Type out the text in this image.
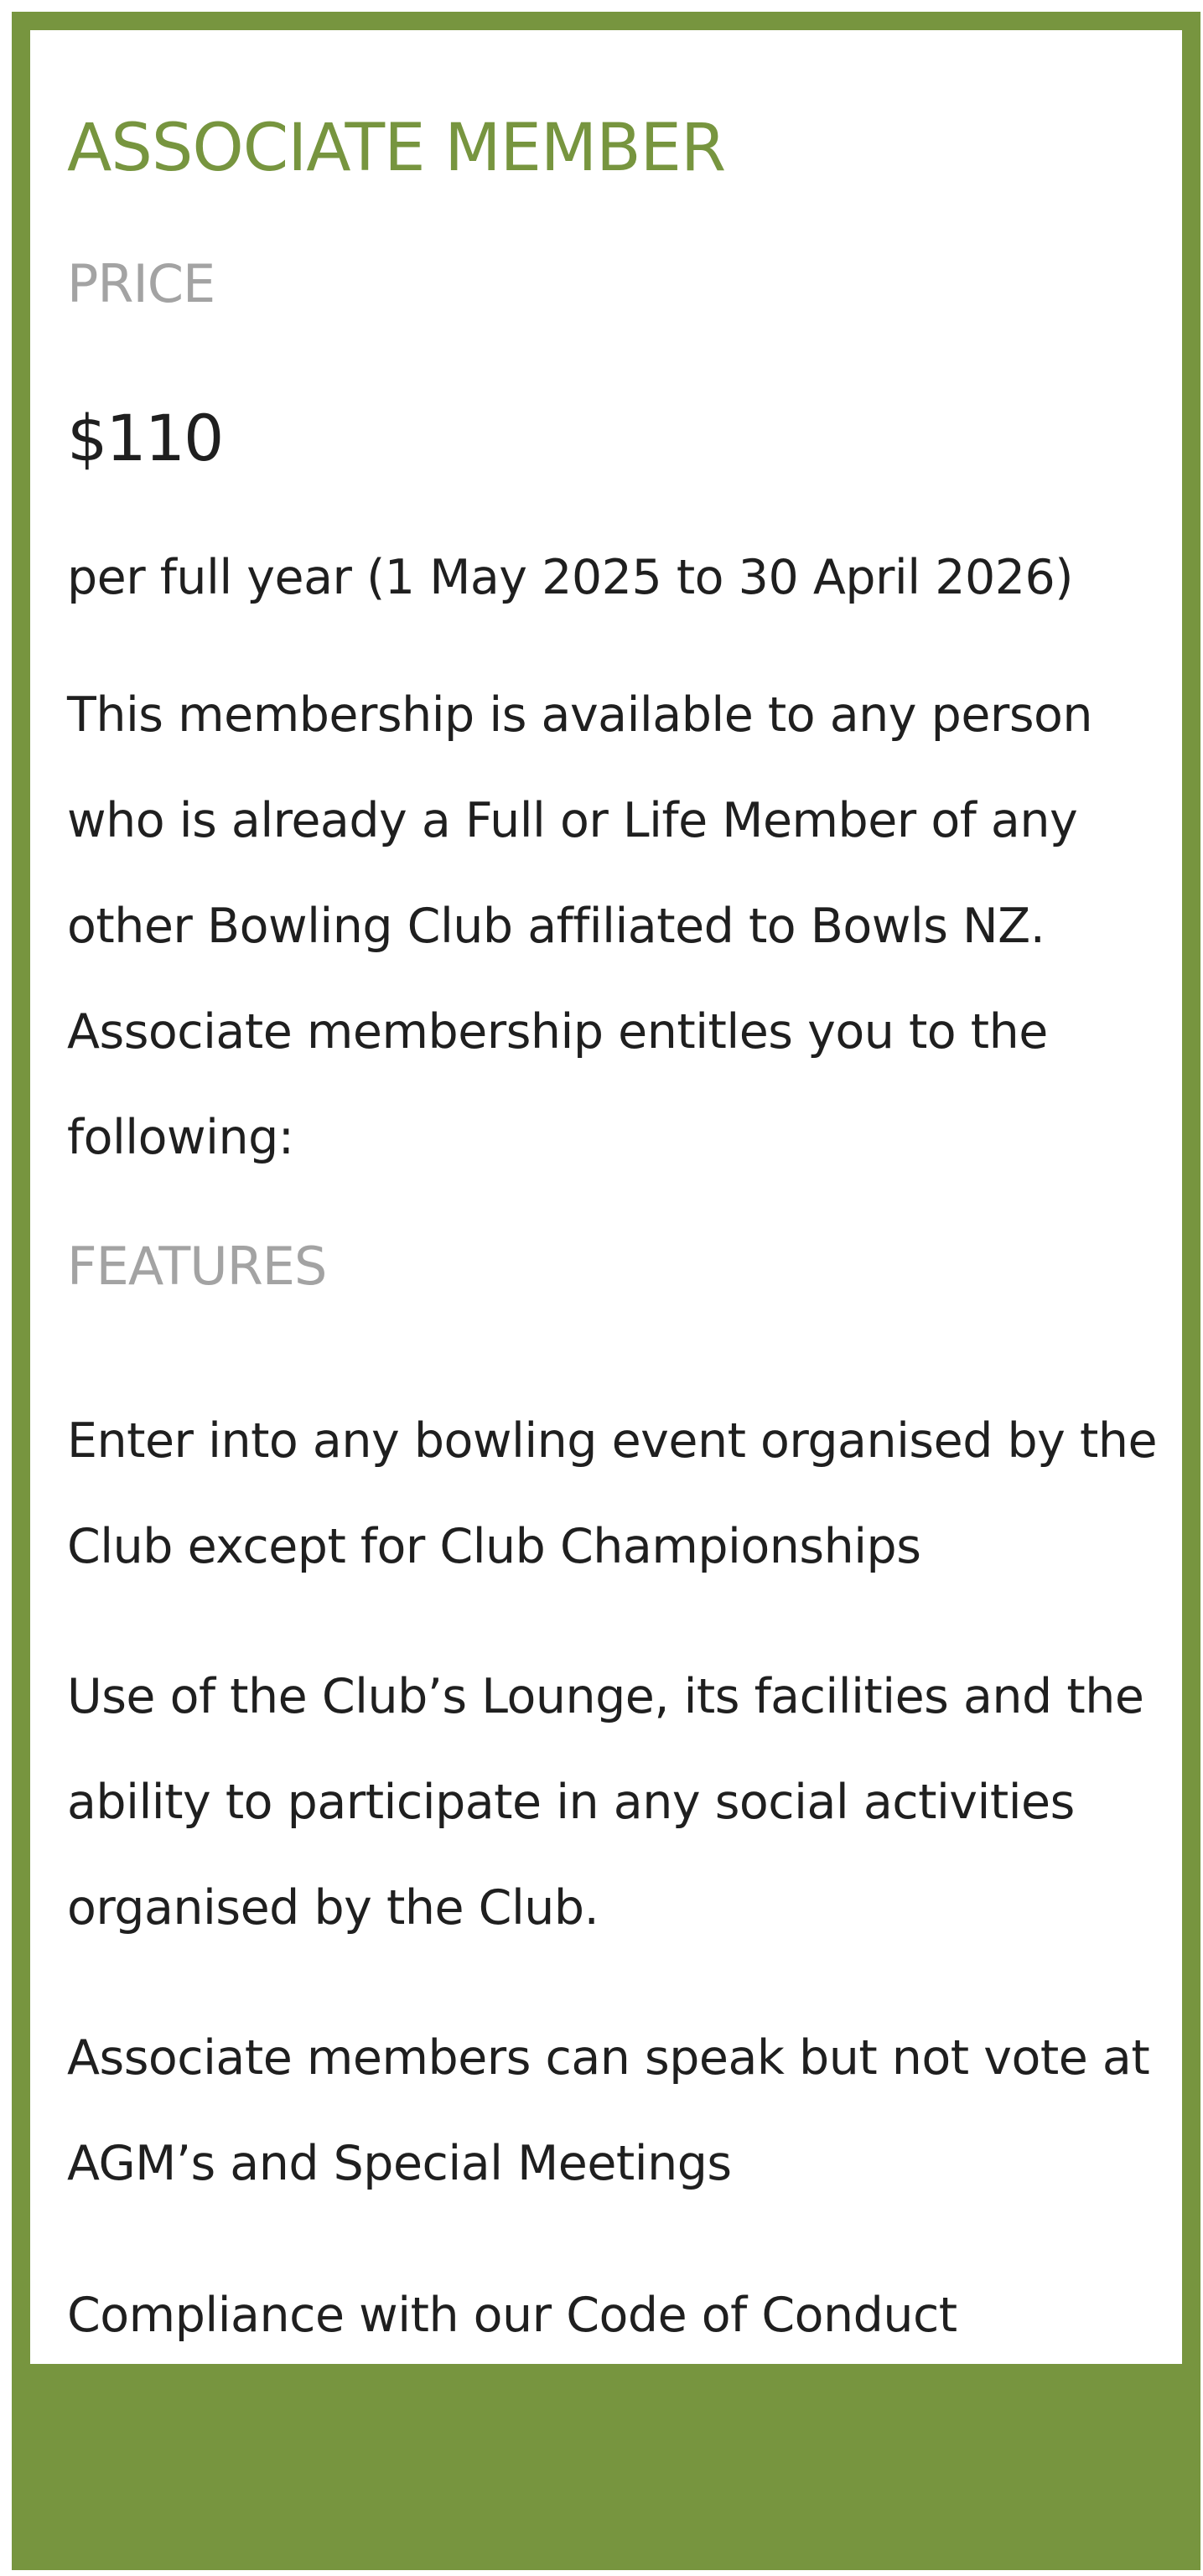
ASSOCIATE MEMBER
PRICE
$110

per full year (1 May 2025 to 30 April 2026)

This membership is available to any person who is already a Full or Life Member of any other Bowling Club affiliated to Bowls NZ. Associate membership entitles you to the following:

FEATURES

Enter into any bowling event organised by the Club except for Club Championships

Use of the Club’s Lounge, its facilities and the ability to participate in any social activities organised by the Club.

Associate members can speak but not vote at AGM’s and Special Meetings

Compliance with our Code of Conduct
